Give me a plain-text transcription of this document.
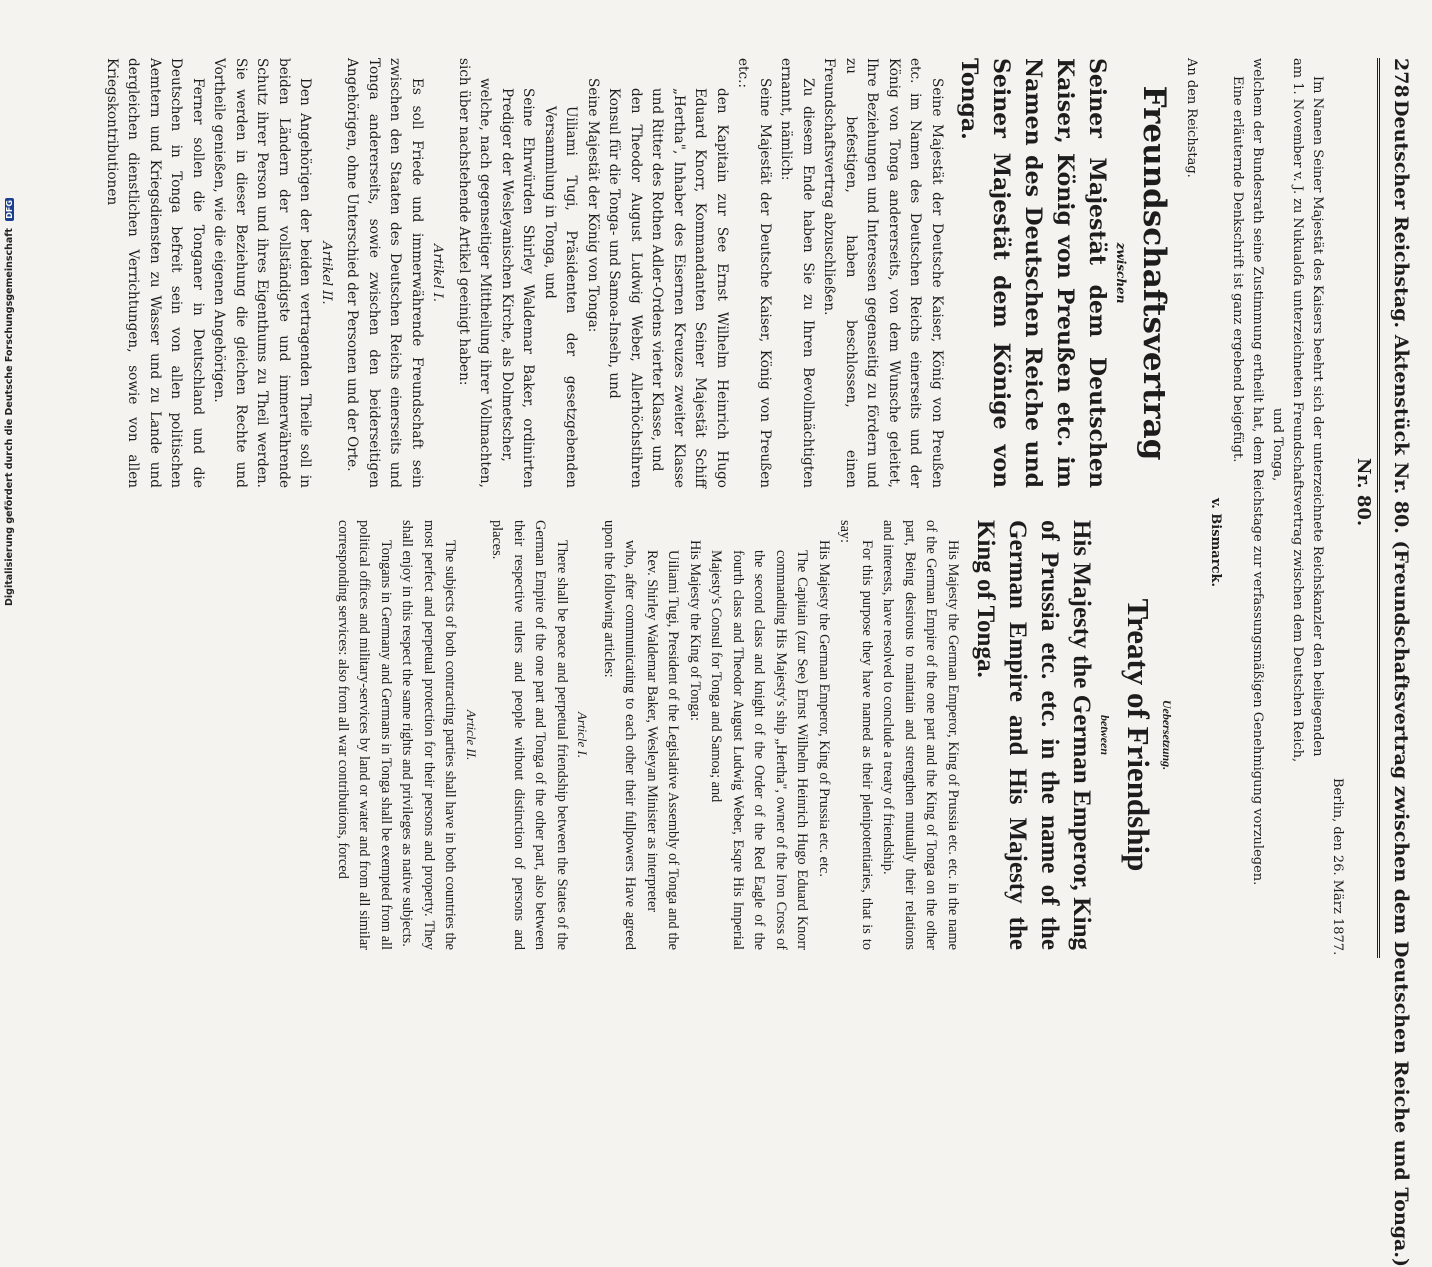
278
Deutscher Reichstag. Aktenstück Nr. 80. (Freundschaftsvertrag zwischen dem Deutschen Reiche und Tonga.)
Nr. 80.
Berlin, den 26. März 1877.
Im Namen Seiner Majestät des Kaisers beehrt sich der unterzeichnete Reichskanzler den beiliegenden
am 1. November v. J. zu Nukualofa unterzeichneten Freundschaftsvertrag zwischen dem Deutschen Reich,
und Tonga,
welchem der Bundesrath seine Zustimmung ertheilt hat, dem Reichstage zur verfassungsmäßigen Genehmigung vorzulegen.
Eine erläuternde Denkschrift ist ganz ergebend beigefügt.
v. Bismarck.
An den Reichstag.
Freundschaftsvertrag
zwischen
Seiner Majestät dem Deutschen Kaiser, König von Preußen etc. im Namen des Deutschen Reiche und Seiner Majestät dem Könige von Tonga.

Seine Majestät der Deutsche Kaiser, König von Preußen etc. im Namen des Deutschen Reichs einerseits und der König von Tonga andererseits, von dem Wunsche geleitet, Ihre Beziehungen und Interessen gegenseitig zu fördern und zu befestigen, haben beschlossen, einen Freundschaftsvertrag abzuschließen.

Zu diesem Ende haben Sie zu Ihren Bevollmächtigten ernannt, nämlich:

Seine Majestät der Deutsche Kaiser, König von Preußen etc.:

den Kapitain zur See Ernst Wilhelm Heinrich Hugo Eduard Knorr, Kommandanten Seiner Majestät Schiff „Hertha", Inhaber des Eisernen Kreuzes zweiter Klasse und Ritter des Rothen Adler-Ordens vierter Klasse, und
den Theodor August Ludwig Weber, Allerhöchstihren Konsul für die Tonga- und Samoa-Inseln, und

Seine Majestät der König von Tonga:

Uiliami Tugi, Präsidenten der gesetzgebenden Versammlung in Tonga, und
Seine Ehrwürden Shirley Waldemar Baker, ordinirten Prediger der Wesleyanischen Kirche, als Dolmetscher,

welche, nach gegenseitiger Mittheilung ihrer Vollmachten, sich über nachstehende Artikel geeinigt haben:

Artikel I.

Es soll Friede und immerwährende Freundschaft sein zwischen den Staaten des Deutschen Reichs einerseits und Tonga andererseits, sowie zwischen den beiderseitigen Angehörigen, ohne Unterschied der Personen und der Orte.

Artikel II.

Den Angehörigen der beiden vertragenden Theile soll in beiden Ländern der vollständigste und immerwährende Schutz ihrer Person und ihres Eigenthums zu Theil werden. Sie werden in dieser Beziehung die gleichen Rechte und Vortheile genießen, wie die eigenen Angehörigen.

Ferner sollen die Tonganer in Deutschland und die Deutschen in Tonga befreit sein von allen politischen Aemtern und Kriegsdiensten zu Wasser und zu Lande und dergleichen dienstlichen Verrichtungen, sowie von allen Kriegskontributionen

Uebersetzung.
Treaty of Friendship
between
His Majesty the German Emperor, King of Prussia etc. etc. in the name of the German Empire and His Majesty the King of Tonga.

His Majesty the German Emperor, King of Prussia etc. etc. in the name of the German Empire of the one part and the King of Tonga on the other part, Being desirous to maintain and strengthen mutually their relations and interests, have resolved to conclude a treaty of friendship.

For this purpose they have named as their plenipotentiaries, that is to say:

His Majesty the German Emperor, King of Prussia etc. etc.

The Capitain (zur See) Ernst Wilhelm Heinrich Hugo Eduard Knorr commanding His Majesty's ship „Hertha", owner of the Iron Cross of the second class and knight of the Order of the Red Eagle of the fourth class and Theodor August Ludwig Weber, Esqre His Imperial Majesty's Consul for Tonga and Samoa; and

His Majesty the King of Tonga:

Uiliami Tugi, President of the Legislative Assembly of Tonga and the Rev. Shirley Waldemar Baker, Wesleyan Minister as interpreter

who, after communicating to each other their fullpowers Have agreed upon the following articles:

Article I.

There shall be peace and perpetual friendship between the States of the German Empire of the one part and Tonga of the other part, also between their respective rulers and people without distinction of persons and places.

Article II.

The subjects of both contracting parties shall have in both countries the most perfect and perpetual protection for their persons and property. They shall enjoy in this respect the same rights and privileges as native subjects.

Tongans in Germany and Germans in Tonga shall be exempted from all political offices and military-services by land or water and from all similar corresponding services: also from all war contributions, forced

Digitalisierung gefördert durch die Deutsche Forschungsgemeinschaft DFG
